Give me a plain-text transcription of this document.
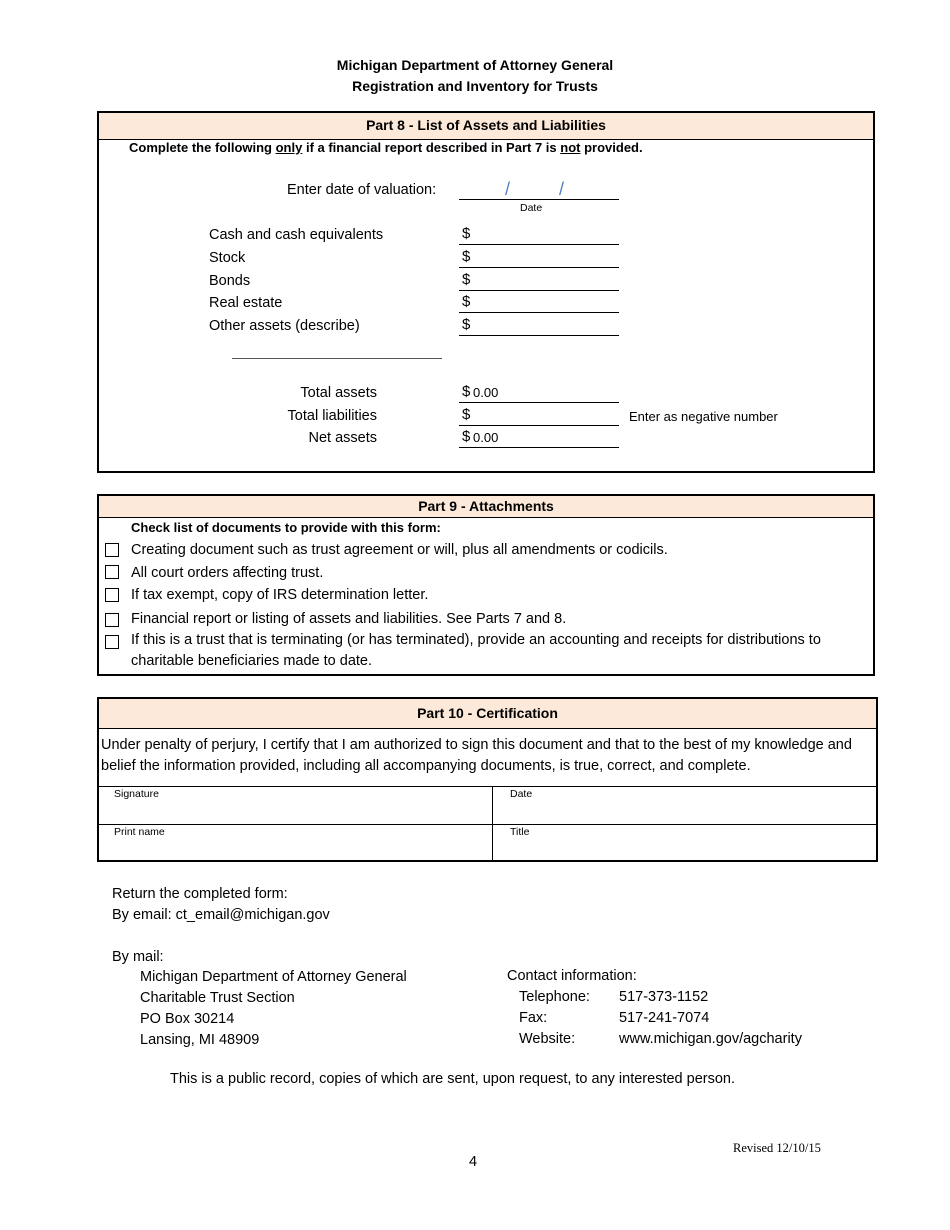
Michigan Department of Attorney General
Registration and Inventory for Trusts
Part 8 - List of Assets and Liabilities
Complete the following only if a financial report described in Part 7 is not provided.
Enter date of valuation:	/	/
Date
Cash and cash equivalents	$
Stock	$
Bonds	$
Real estate	$
Other assets (describe)	$
Total assets	$ 0.00
Total liabilities	$	Enter as negative number
Net assets	$ 0.00
Part 9 - Attachments
Check list of documents to provide with this form:
Creating document such as trust agreement or will, plus all amendments or codicils.
All court orders affecting trust.
If tax exempt, copy of IRS determination letter.
Financial report or listing of assets and liabilities. See Parts 7 and 8.
If this is a trust that is terminating (or has terminated), provide an accounting and receipts for distributions to
charitable beneficiaries made to date.
Part 10 - Certification
Under penalty of perjury, I certify that I am authorized to sign this document and that to the best of my knowledge and
belief the information provided, including all accompanying documents, is true, correct, and complete.
Signature	Date
Print name	Title
Return the completed form:
By email: ct_email@michigan.gov
By mail:
Michigan Department of Attorney General
Charitable Trust Section
PO Box 30214
Lansing, MI 48909
Contact information:
Telephone: 517-373-1152
Fax:	517-241-7074
Website:	www.michigan.gov/agcharity
This is a public record, copies of which are sent, upon request, to any interested person.
Revised 12/10/15
4
